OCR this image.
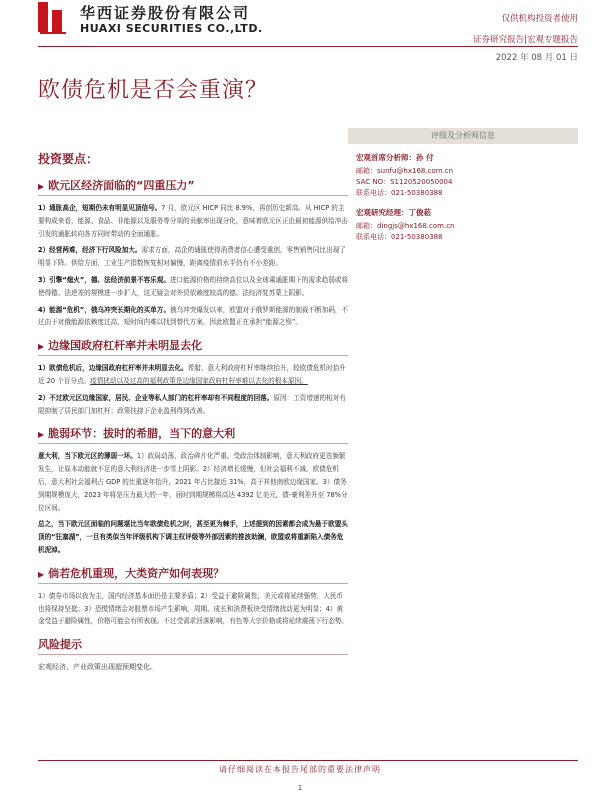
华西证券股份有限公司
HUAXI SECURITIES CO.,LTD.
仅供机构投资者使用
证券研究报告|宏观专题报告
2022 年 08 月 01 日
欧债危机是否会重演？
投资要点：
▶ 欧元区经济面临的“四重压力”

1）通胀高企，短期仍未有明显见顶信号。7 月，欧元区 HICP 同比 8.9%，再创历史新高。从 HICP 的主要构成来看，能源、食品、非能源以及服务等分项的贡献率出现分化，意味着欧元区正由最初能源供给冲击引发的通胀转向各方同时带动的全面通胀。

2）经营两难，经济下行风险加大。需求方面，高企的通胀使得消费者信心遭受重创，零售销售同比出现了明显下降。供给方面，工业生产指数恢复相对偏慢，距离疫情前水平仍有不小差距。

3）引擎“熄火”，德、法经济前景不容乐观。进口能源价格的持续高位以及全球乘通胀期下的需求趋弱或将使得德、法逆差的规模进一步扩大，这无疑会对外贸依赖度较高的德、法经济复苏蒙上阴影。

4）能源“危机”，俄乌冲突长期化的买单方。俄乌冲突爆发以来，欧盟对于俄罗斯能源的制裁不断加码，不过由于对俄能源依赖度过高，短时间内难以找到替代方案，因此欧盟正在承担“能源之殇”。

▶ 边缘国政府杠杆率并未明显去化

1）欧债危机后，边缘国政府杠杆率并未明显去化。希腊、意大利政府杠杆率继续抬升，较欧债危机时抬升近 20 个百分点。疫情扰动以及过高的福利政策是边缘国家政府杠杆率难以去化的根本原因。

2）不过欧元区边缘国家，居民、企业等私人部门的杠杆率却有不同程度的回落。原因：工资增速的相对有限抑制了居民部门加杠杆；政策扶持下企业盈利得到改善。

▶ 脆弱环节：拔时的希腊，当下的意大利

意大利，当下欧元区的薄弱一环。1）政局动荡，政治碎片化严重。受政治体制影响，意大利政府更迭频繁发生，让原本动能就不足的意大利经济进一步雪上阴影。2）经济增长缓慢，但社会福利不减。欧债危机后，意大利社会福利占 GDP 的比重逐年抬升，2021 年占比接近 31%，高于其他南欧边缘国家。3）债务到期规模庞大，2023 年将是压力最大的一年，届时到期规模将高达 4392 亿美元，债-豪利差升至 78%分位区间。

总之，当下欧元区面临的问题堪比当年欧债危机之时，甚至更为棘手，上述提到的因素都会成为悬于欧盟头顶的“狂塞湖”，一旦有类似当年评级机构下调主权评级等外部因素的推波助澜，欧盟或将重新陷入债务危机泥淖。

▶ 倘若危机重现，大类资产如何表现？

1）债券市场以我为主，国内经济基本面仍是主要矛盾；2）受益于避险属性，美元或将延续强势，人民币也将保持坚挺；3）恐慌情绪会对股票市场产生影响，周期、成长和消费板块受情绪扰动更为明显；4）黄金受益于避险属性，价格可能会有所表现。不过受需求回落影响，有色等大宗价格或将延续震荡下行态势。

风险提示

宏观经济、产业政策出现超预期变化。

评级及分析师信息
宏观首席分析师：孙 付
邮箱：sunfu@hx168.com.cn
SAC NO：S1120520050004
联系电话：021-50380388
宏观研究经理：丁俊菘
邮箱：dingjs@hx168.com.cn
联系电话：021-50380388
请仔细阅读在本报告尾部的重要法律声明
1
